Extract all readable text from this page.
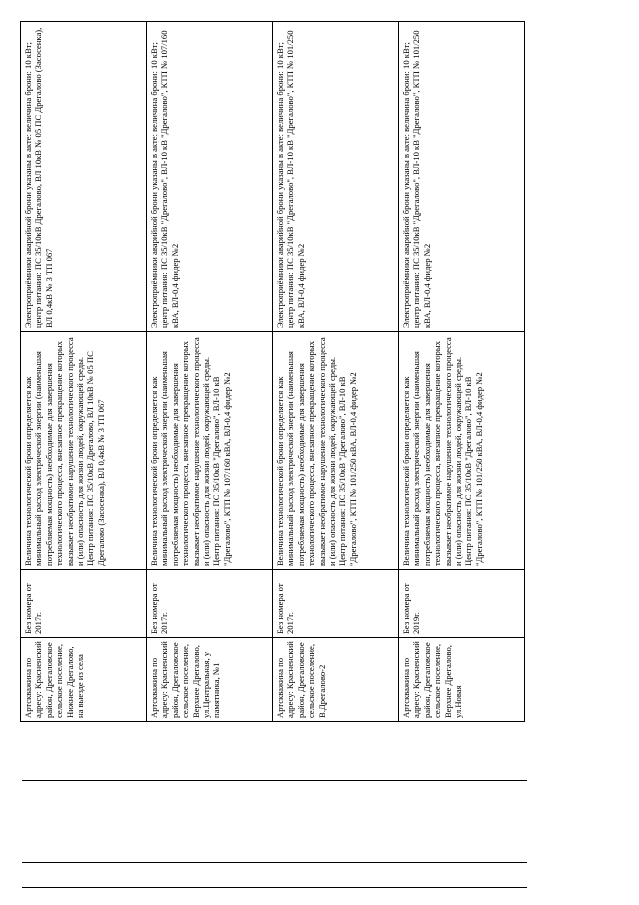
Артскважина по адресу: Красненский район, Дрегаловское сельское поселение, Нижнее Дрегалово, на выезде из села	Без номера от 2017г.	Величина технологической брони определяется как минимальный расход электрической энергии (наименьшая потребляемая мощность) необходимые для завершения технологического процесса, внезапное прекращение которых вызывает необратимое нарушение технологического процесса и (или) опасность для жизни людей, окружающей среды. Центр питания: ПС 35/10кВ Дрегалово, ВЛ 10кВ № 05 ПС Дрегалово (Засосенка), ВЛ 0,4кВ № 3 ТП 067	Электроприёмники аварийной брони указаны в акте: величина брони: 10 кВт; центр питания: ПС 35/10кВ Дрегалово, ВЛ 10кВ № 05 ПС Дрегалово (Засосенка), ВЛ 0,4кВ № 3 ТП 067
Артскважина по адресу: Красненский район, Дрегаловское сельское поселение, Верхнее Дрегалово, ул.Центральная, у памятника, №1	Без номера от 2017г.	Величина технологической брони определяется как минимальный расход электрической энергии (наименьшая потребляемая мощность) необходимые для завершения технологического процесса, внезапное прекращение которых вызывает необратимое нарушение технологического процесса и (или) опасность для жизни людей, окружающей среды. Центр питания: ПС 35/10кВ "Дрегалово", ВЛ-10 кВ "Дрегалово", КТП № 107/160 кВА, ВЛ-0,4 фидер №2	Электроприёмники аварийной брони указаны в акте: величина брони: 10 кВт; центр питания: ПС 35/10кВ "Дрегалово", ВЛ-10 кВ "Дрегалово", КТП № 107/160 кВА, ВЛ-0,4 фидер №2
Артскважина по адресу: Красненский район, Дрегаловское сельское поселение, В.Дрегалово-2	Без номера от 2017г.	Величина технологической брони определяется как минимальный расход электрической энергии (наименьшая потребляемая мощность) необходимые для завершения технологического процесса, внезапное прекращение которых вызывает необратимое нарушение технологического процесса и (или) опасность для жизни людей, окружающей среды. Центр питания: ПС 35/10кВ "Дрегалово", ВЛ-10 кВ "Дрегалово", КТП № 101/250 кВА, ВЛ-0,4 фидер №2	Электроприёмники аварийной брони указаны в акте: величина брони: 10 кВт; центр питания: ПС 35/10кВ "Дрегалово", ВЛ-10 кВ "Дрегалово", КТП № 101/250 кВА, ВЛ-0,4 фидер №2
Артскважина по адресу: Красненский район, Дрегаловское сельское поселение, Верхнее Дрегалово, ул.Новая	Без номера от 2019г.	Величина технологической брони определяется как минимальный расход электрической энергии (наименьшая потребляемая мощность) необходимые для завершения технологического процесса, внезапное прекращение которых вызывает необратимое нарушение технологического процесса и (или) опасность для жизни людей, окружающей среды. Центр питания: ПС 35/10кВ "Дрегалово", ВЛ-10 кВ "Дрегалово", КТП № 101/250 кВА, ВЛ-0,4 фидер №2	Электроприёмники аварийной брони указаны в акте: величина брони: 10 кВт; центр питания: ПС 35/10кВ "Дрегалово", ВЛ-10 кВ "Дрегалово", КТП № 101/250 кВА, ВЛ-0,4 фидер №2
